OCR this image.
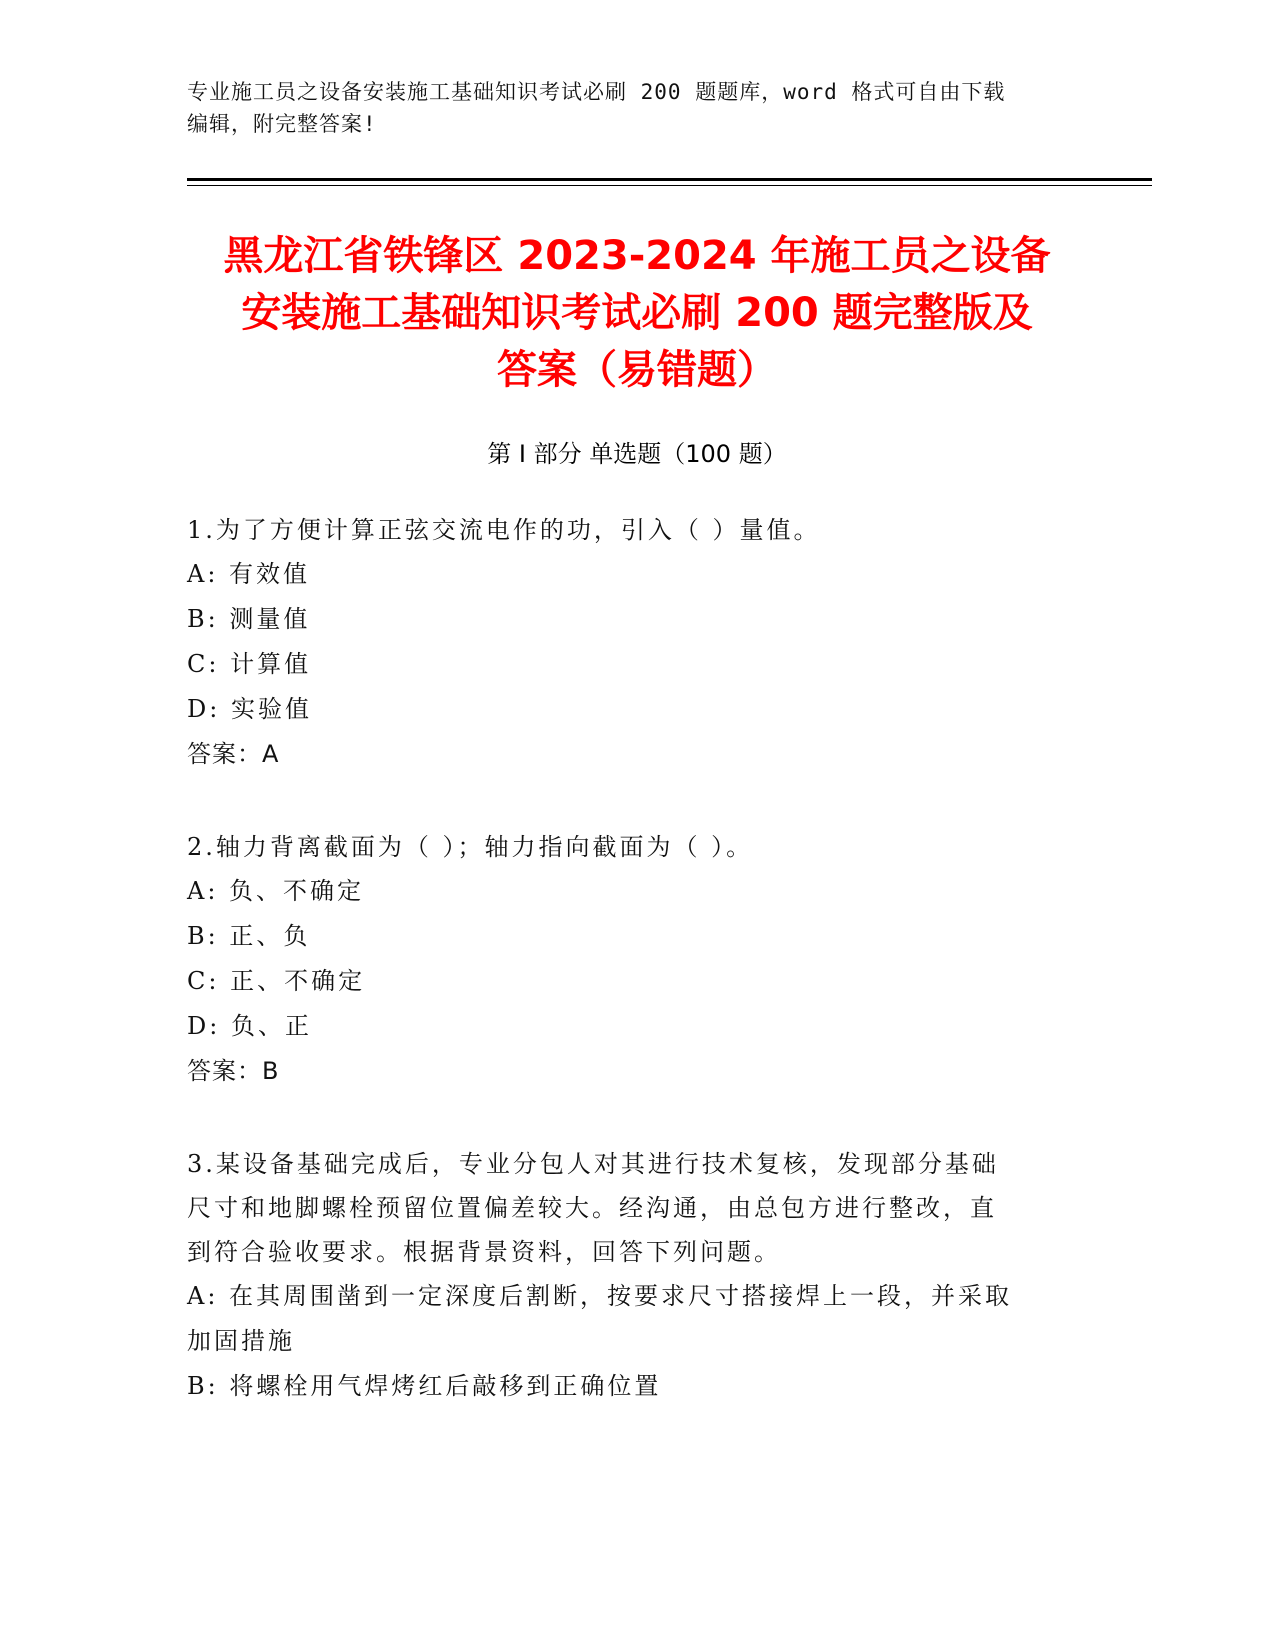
专业施工员之设备安装施工基础知识考试必刷 200 题题库，word 格式可自由下载
编辑，附完整答案!
黑龙江省铁锋区 2023-2024 年施工员之设备
安装施工基础知识考试必刷 200 题完整版及
答案（易错题）
第 I 部分 单选题（100 题）
1.为了方便计算正弦交流电作的功，引入（ ）量值。
A: 有效值
B: 测量值
C: 计算值
D: 实验值
答案：A
2.轴力背离截面为（ ）；轴力指向截面为（ ）。
A: 负、不确定
B: 正、负
C: 正、不确定
D: 负、正
答案：B
3.某设备基础完成后，专业分包人对其进行技术复核，发现部分基础
尺寸和地脚螺栓预留位置偏差较大。经沟通，由总包方进行整改，直
到符合验收要求。根据背景资料，回答下列问题。
A: 在其周围凿到一定深度后割断，按要求尺寸搭接焊上一段，并采取
加固措施
B: 将螺栓用气焊烤红后敲移到正确位置
